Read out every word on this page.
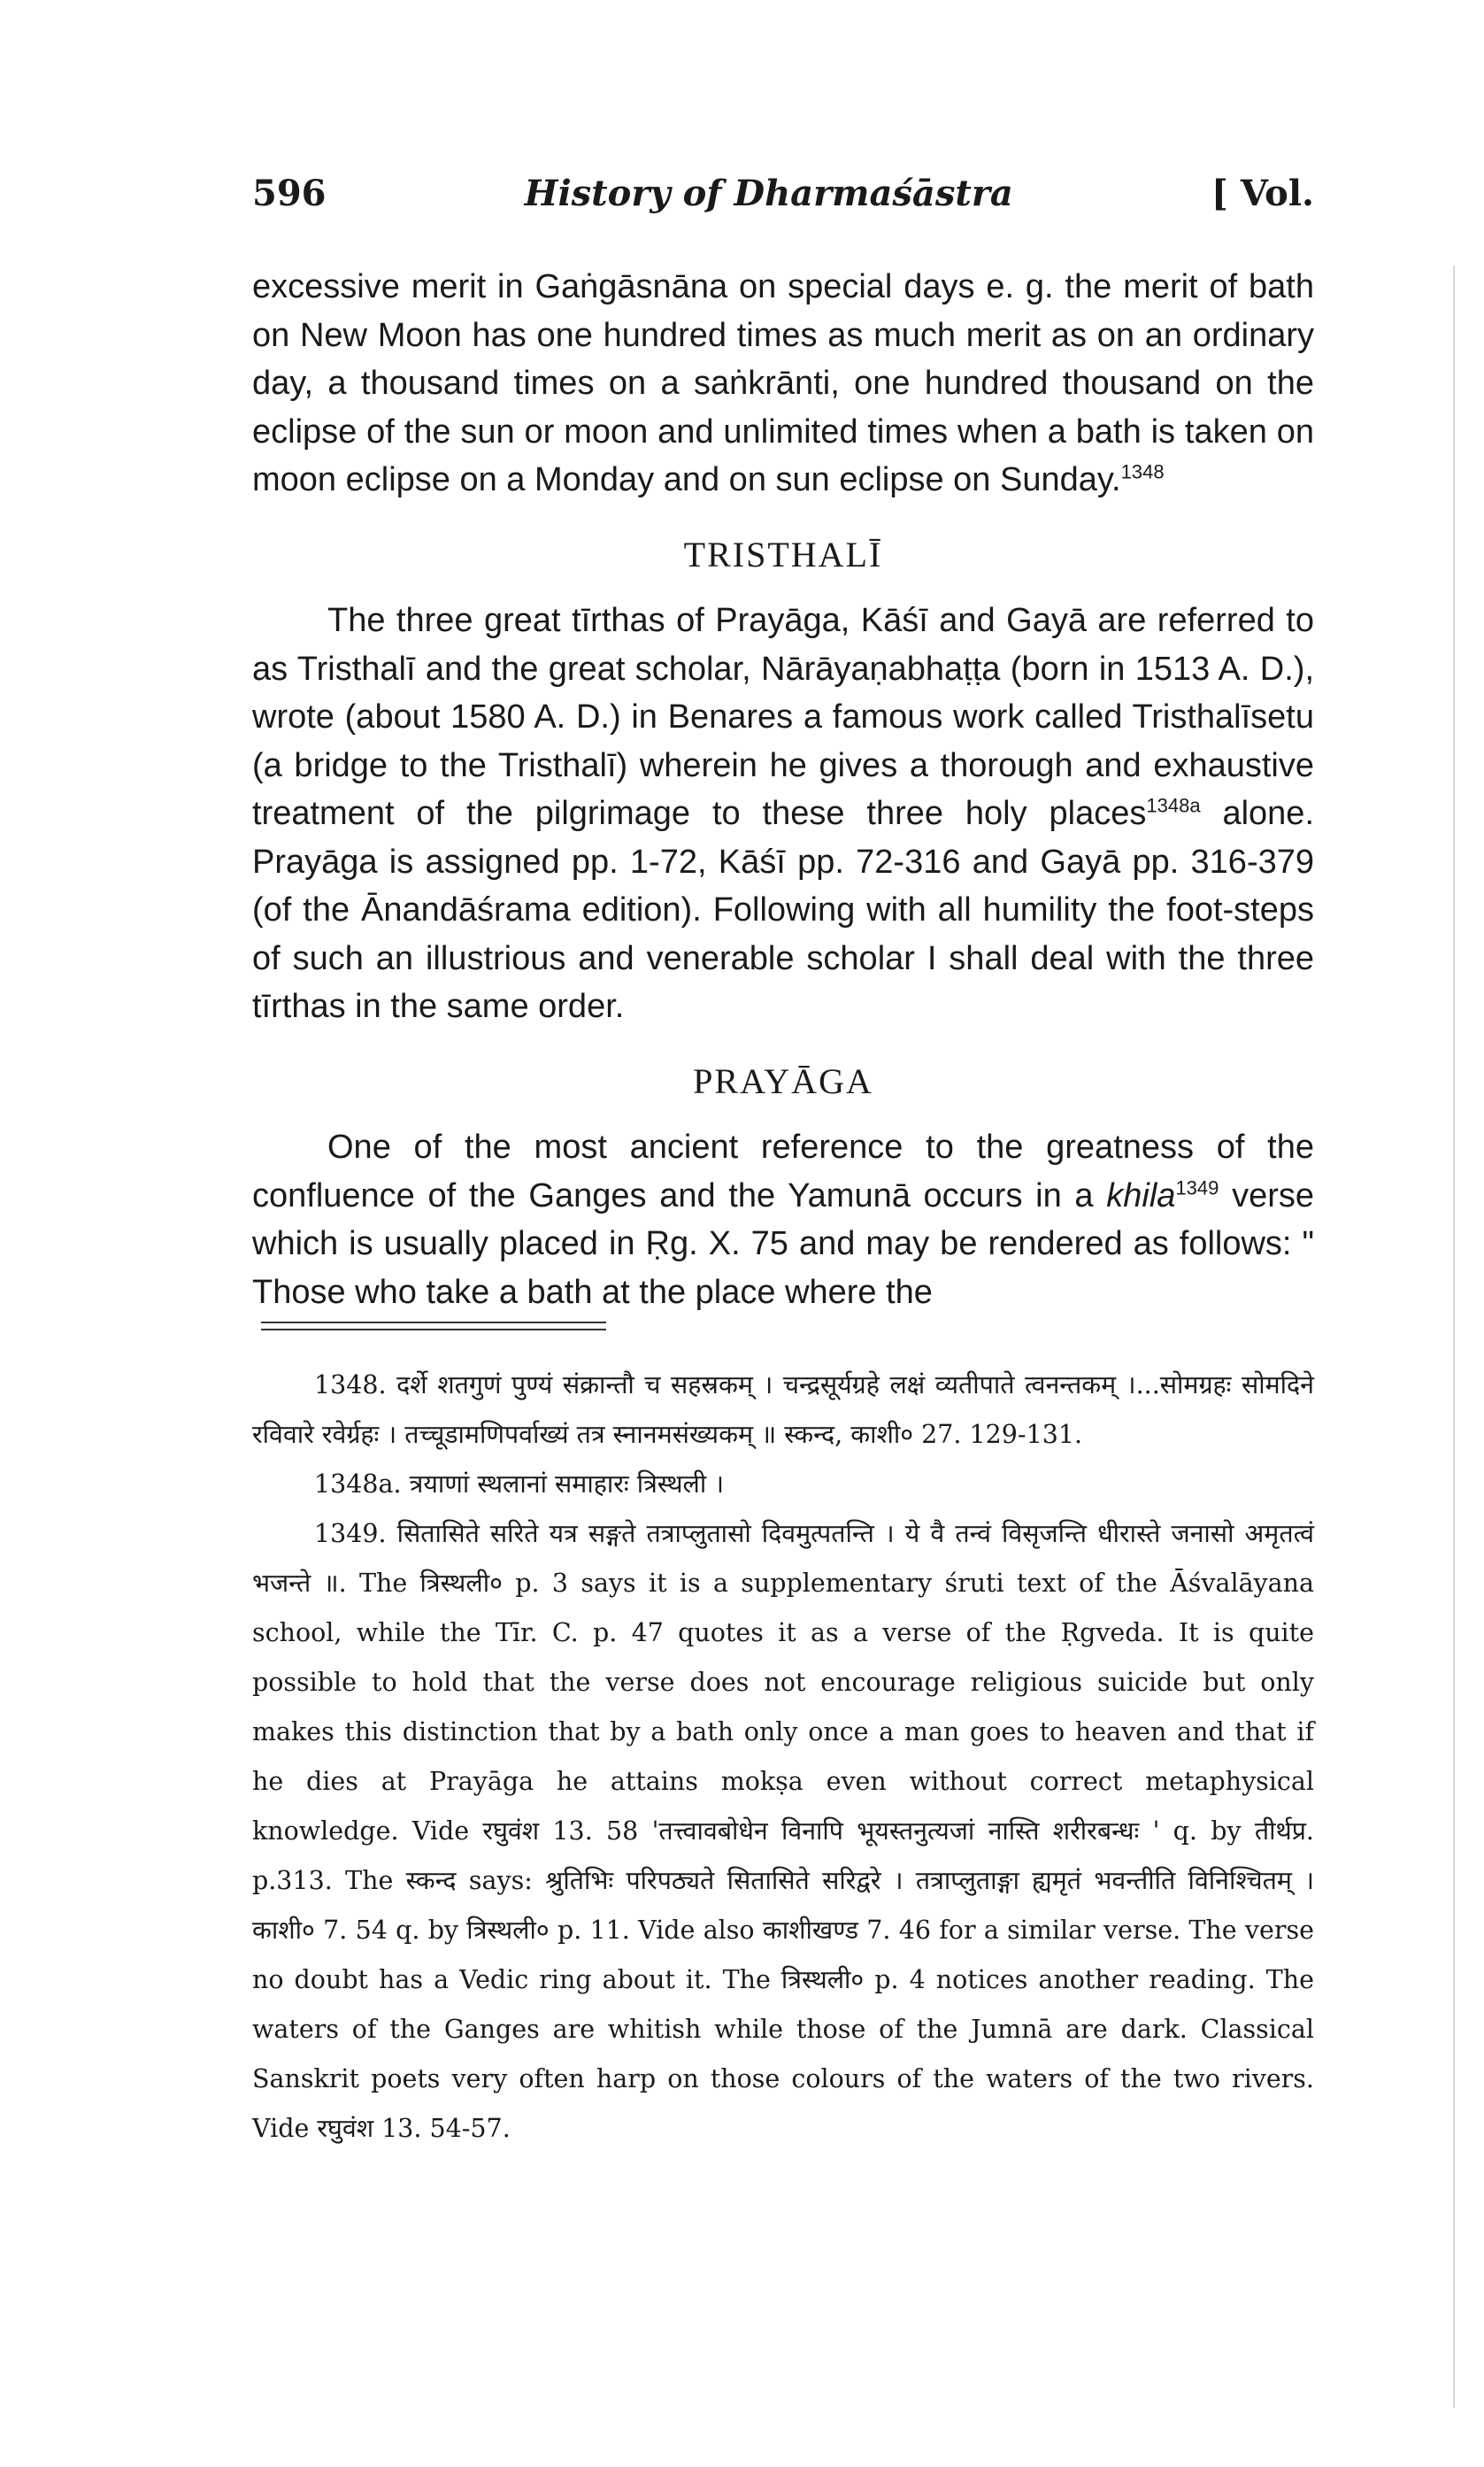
596	History of Dharmaśāstra	[ Vol.

excessive merit in Gaṅgāsnāna on special days e. g. the merit of bath on New Moon has one hundred times as much merit as on an ordinary day, a thousand times on a saṅkrānti, one hundred thousand on the eclipse of the sun or moon and unlimited times when a bath is taken on moon eclipse on a Monday and on sun eclipse on Sunday.$^{1348}$

TRISTHALĪ

The three great tīrthas of Prayāga, Kāśī and Gayā are referred to as Tristhalī and the great scholar, Nārāyaṇabhaṭṭa (born in 1513 A. D.), wrote (about 1580 A. D.) in Benares a famous work called Tristhalīsetu (a bridge to the Tristhalī) wherein he gives a thorough and exhaustive treatment of the pilgrimage to these three holy places$^{1348a}$ alone. Prayāga is assigned pp. 1-72, Kāśī pp. 72-316 and Gayā pp. 316-379 (of the Ānandāśrama edition). Following with all humility the foot-steps of such an illustrious and venerable scholar I shall deal with the three tīrthas in the same order.

PRAYĀGA

One of the most ancient reference to the greatness of the confluence of the Ganges and the Yamunā occurs in a khila$^{1349}$ verse which is usually placed in Ṛg. X. 75 and may be rendered as follows: " Those who take a bath at the place where the

1348. दर्शे शतगुणं पुण्यं संक्रान्तौ च सहस्रकम् । चन्द्रसूर्यग्रहे लक्षं व्यतीपाते त्वनन्तकम् ।...सोमग्रहः सोमदिने रविवारे रवेर्ग्रहः । तच्चूडामणिपर्वाख्यं तत्र स्नानमसंख्यकम् ॥ स्कन्द, काशी० 27. 129-131.

1348a. त्रयाणां स्थलानां समाहारः त्रिस्थली ।

1349. सितासिते सरिते यत्र सङ्गते तत्राप्लुतासो दिवमुत्पतन्ति । ये वै तन्वं विसृजन्ति धीरास्ते जनासो अमृतत्वं भजन्ते ॥. The त्रिस्थली० p. 3 says it is a supplementary śruti text of the Āśvalāyana school, while the Tīr. C. p. 47 quotes it as a verse of the Ṛgveda. It is quite possible to hold that the verse does not encourage religious suicide but only makes this distinction that by a bath only once a man goes to heaven and that if he dies at Prayāga he attains mokṣa even without correct metaphysical knowledge. Vide रघुवंश 13. 58 'तत्त्वावबोधेन विनापि भूयस्तनुत्यजां नास्ति शरीरबन्धः ' q. by तीर्थप्र. p.313. The स्कन्द says: श्रुतिभिः परिपठ्यते सितासिते सरिद्वरे । तत्राप्लुताङ्गा ह्यमृतं भवन्तीति विनिश्चितम् । काशी० 7. 54 q. by त्रिस्थली० p. 11. Vide also काशीखण्ड 7. 46 for a similar verse. The verse no doubt has a Vedic ring about it. The त्रिस्थली० p. 4 notices another reading. The waters of the Ganges are whitish while those of the Jumnā are dark. Classical Sanskrit poets very often harp on those colours of the waters of the two rivers. Vide रघुवंश 13. 54-57.
